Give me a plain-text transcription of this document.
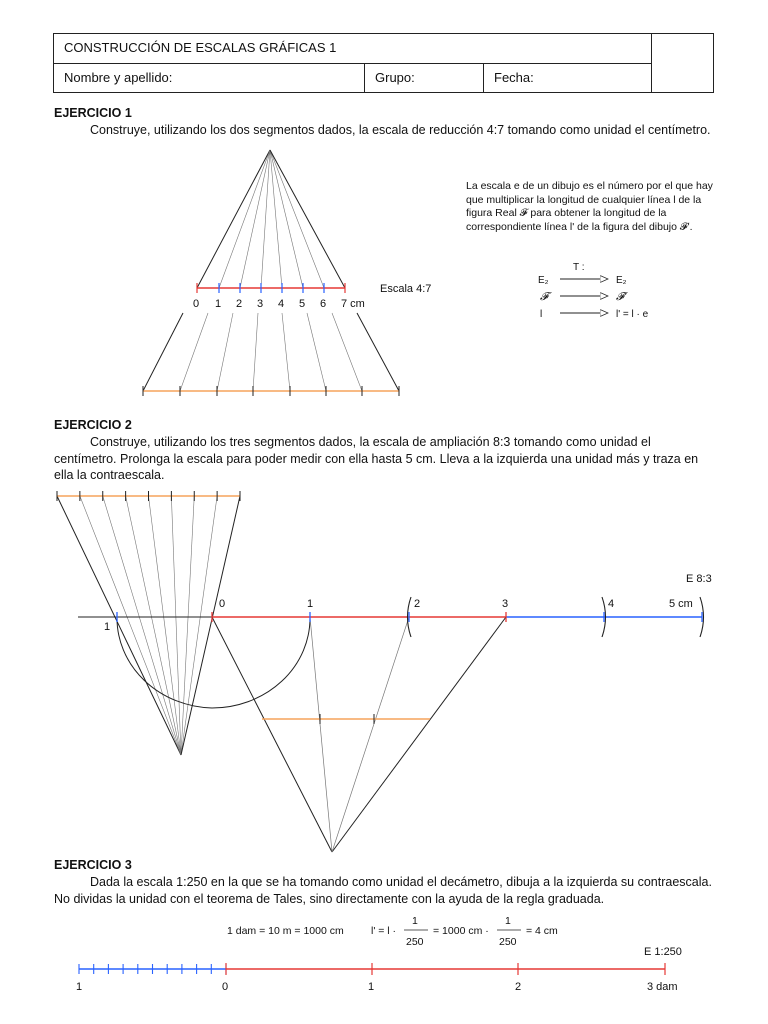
CONSTRUCCIÓN DE ESCALAS GRÁFICAS 1
Nombre y apellido:	Grupo:	Fecha:
EJERCICIO 1
Construye, utilizando los dos segmentos dados, la escala de reducción 4:7 tomando como unidad el centímetro.
La escala e de un dibujo es el número por el que hay que multiplicar la longitud de cualquier línea l de la figura Real 𝓕 para obtener la longitud de la correspondiente línea l' de la figura del dibujo 𝓕'.
EJERCICIO 2
Construye, utilizando los tres segmentos dados, la escala de ampliación 8:3 tomando como unidad el centímetro. Prolonga la escala para poder medir con ella hasta 5 cm. Lleva a la izquierda una unidad más y traza en ella la contraescala.
EJERCICIO 3
Dada la escala 1:250 en la que se ha tomando como unidad el decámetro, dibuja a la izquierda su contraescala. No dividas la unidad con el teorema de Tales, sino directamente con la ayuda de la regla graduada.
0 1 2 3 4 5 6 7 cm
Escala 4:7
T :
E₂	E₂
𝓕	𝓕'
l	l' = l · e
1
0	1	2	3	4	5 cm
E 8:3
1 dam = 10 m = 1000 cm	l' = l ·
1
250
= 1000 cm ·
1
250
= 4 cm
E 1:250
1	0	1	2	3 dam
